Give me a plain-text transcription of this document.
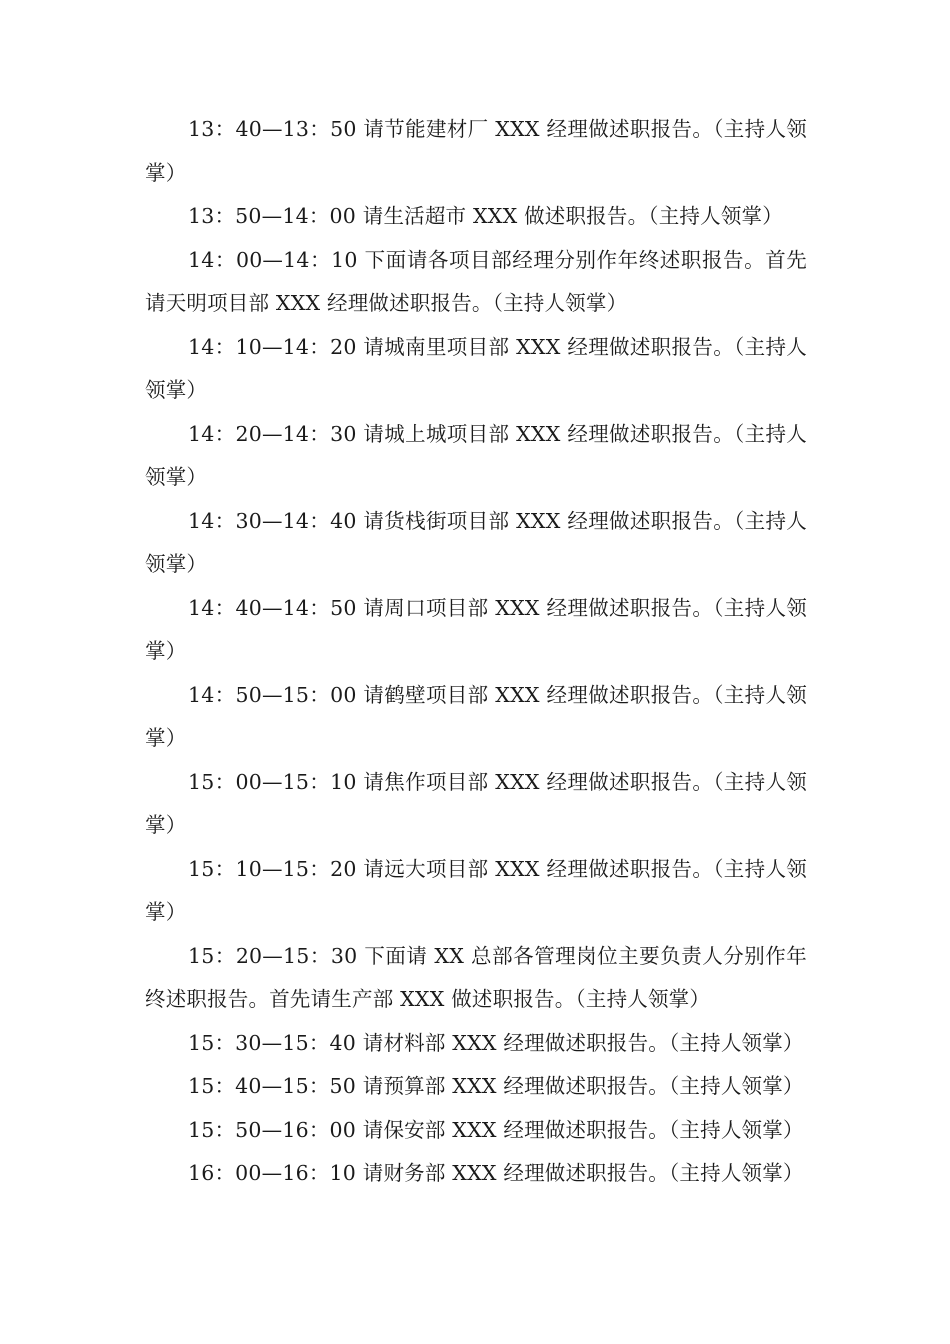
13：40—13：50 请节能建材厂 XXX 经理做述职报告。（主持人领掌）

13：50—14：00 请生活超市 XXX 做述职报告。（主持人领掌）

14：00—14：10 下面请各项目部经理分别作年终述职报告。首先请天明项目部 XXX 经理做述职报告。（主持人领掌）

14：10—14：20 请城南里项目部 XXX 经理做述职报告。（主持人领掌）

14：20—14：30 请城上城项目部 XXX 经理做述职报告。（主持人领掌）

14：30—14：40 请货栈街项目部 XXX 经理做述职报告。（主持人领掌）

14：40—14：50 请周口项目部 XXX 经理做述职报告。（主持人领掌）

14：50—15：00 请鹤壁项目部 XXX 经理做述职报告。（主持人领掌）

15：00—15：10 请焦作项目部 XXX 经理做述职报告。（主持人领掌）

15：10—15：20 请远大项目部 XXX 经理做述职报告。（主持人领掌）

15：20—15：30 下面请 XX 总部各管理岗位主要负责人分别作年终述职报告。首先请生产部 XXX 做述职报告。（主持人领掌）

15：30—15：40 请材料部 XXX 经理做述职报告。（主持人领掌）

15：40—15：50 请预算部 XXX 经理做述职报告。（主持人领掌）

15：50—16：00 请保安部 XXX 经理做述职报告。（主持人领掌）

16：00—16：10 请财务部 XXX 经理做述职报告。（主持人领掌）
